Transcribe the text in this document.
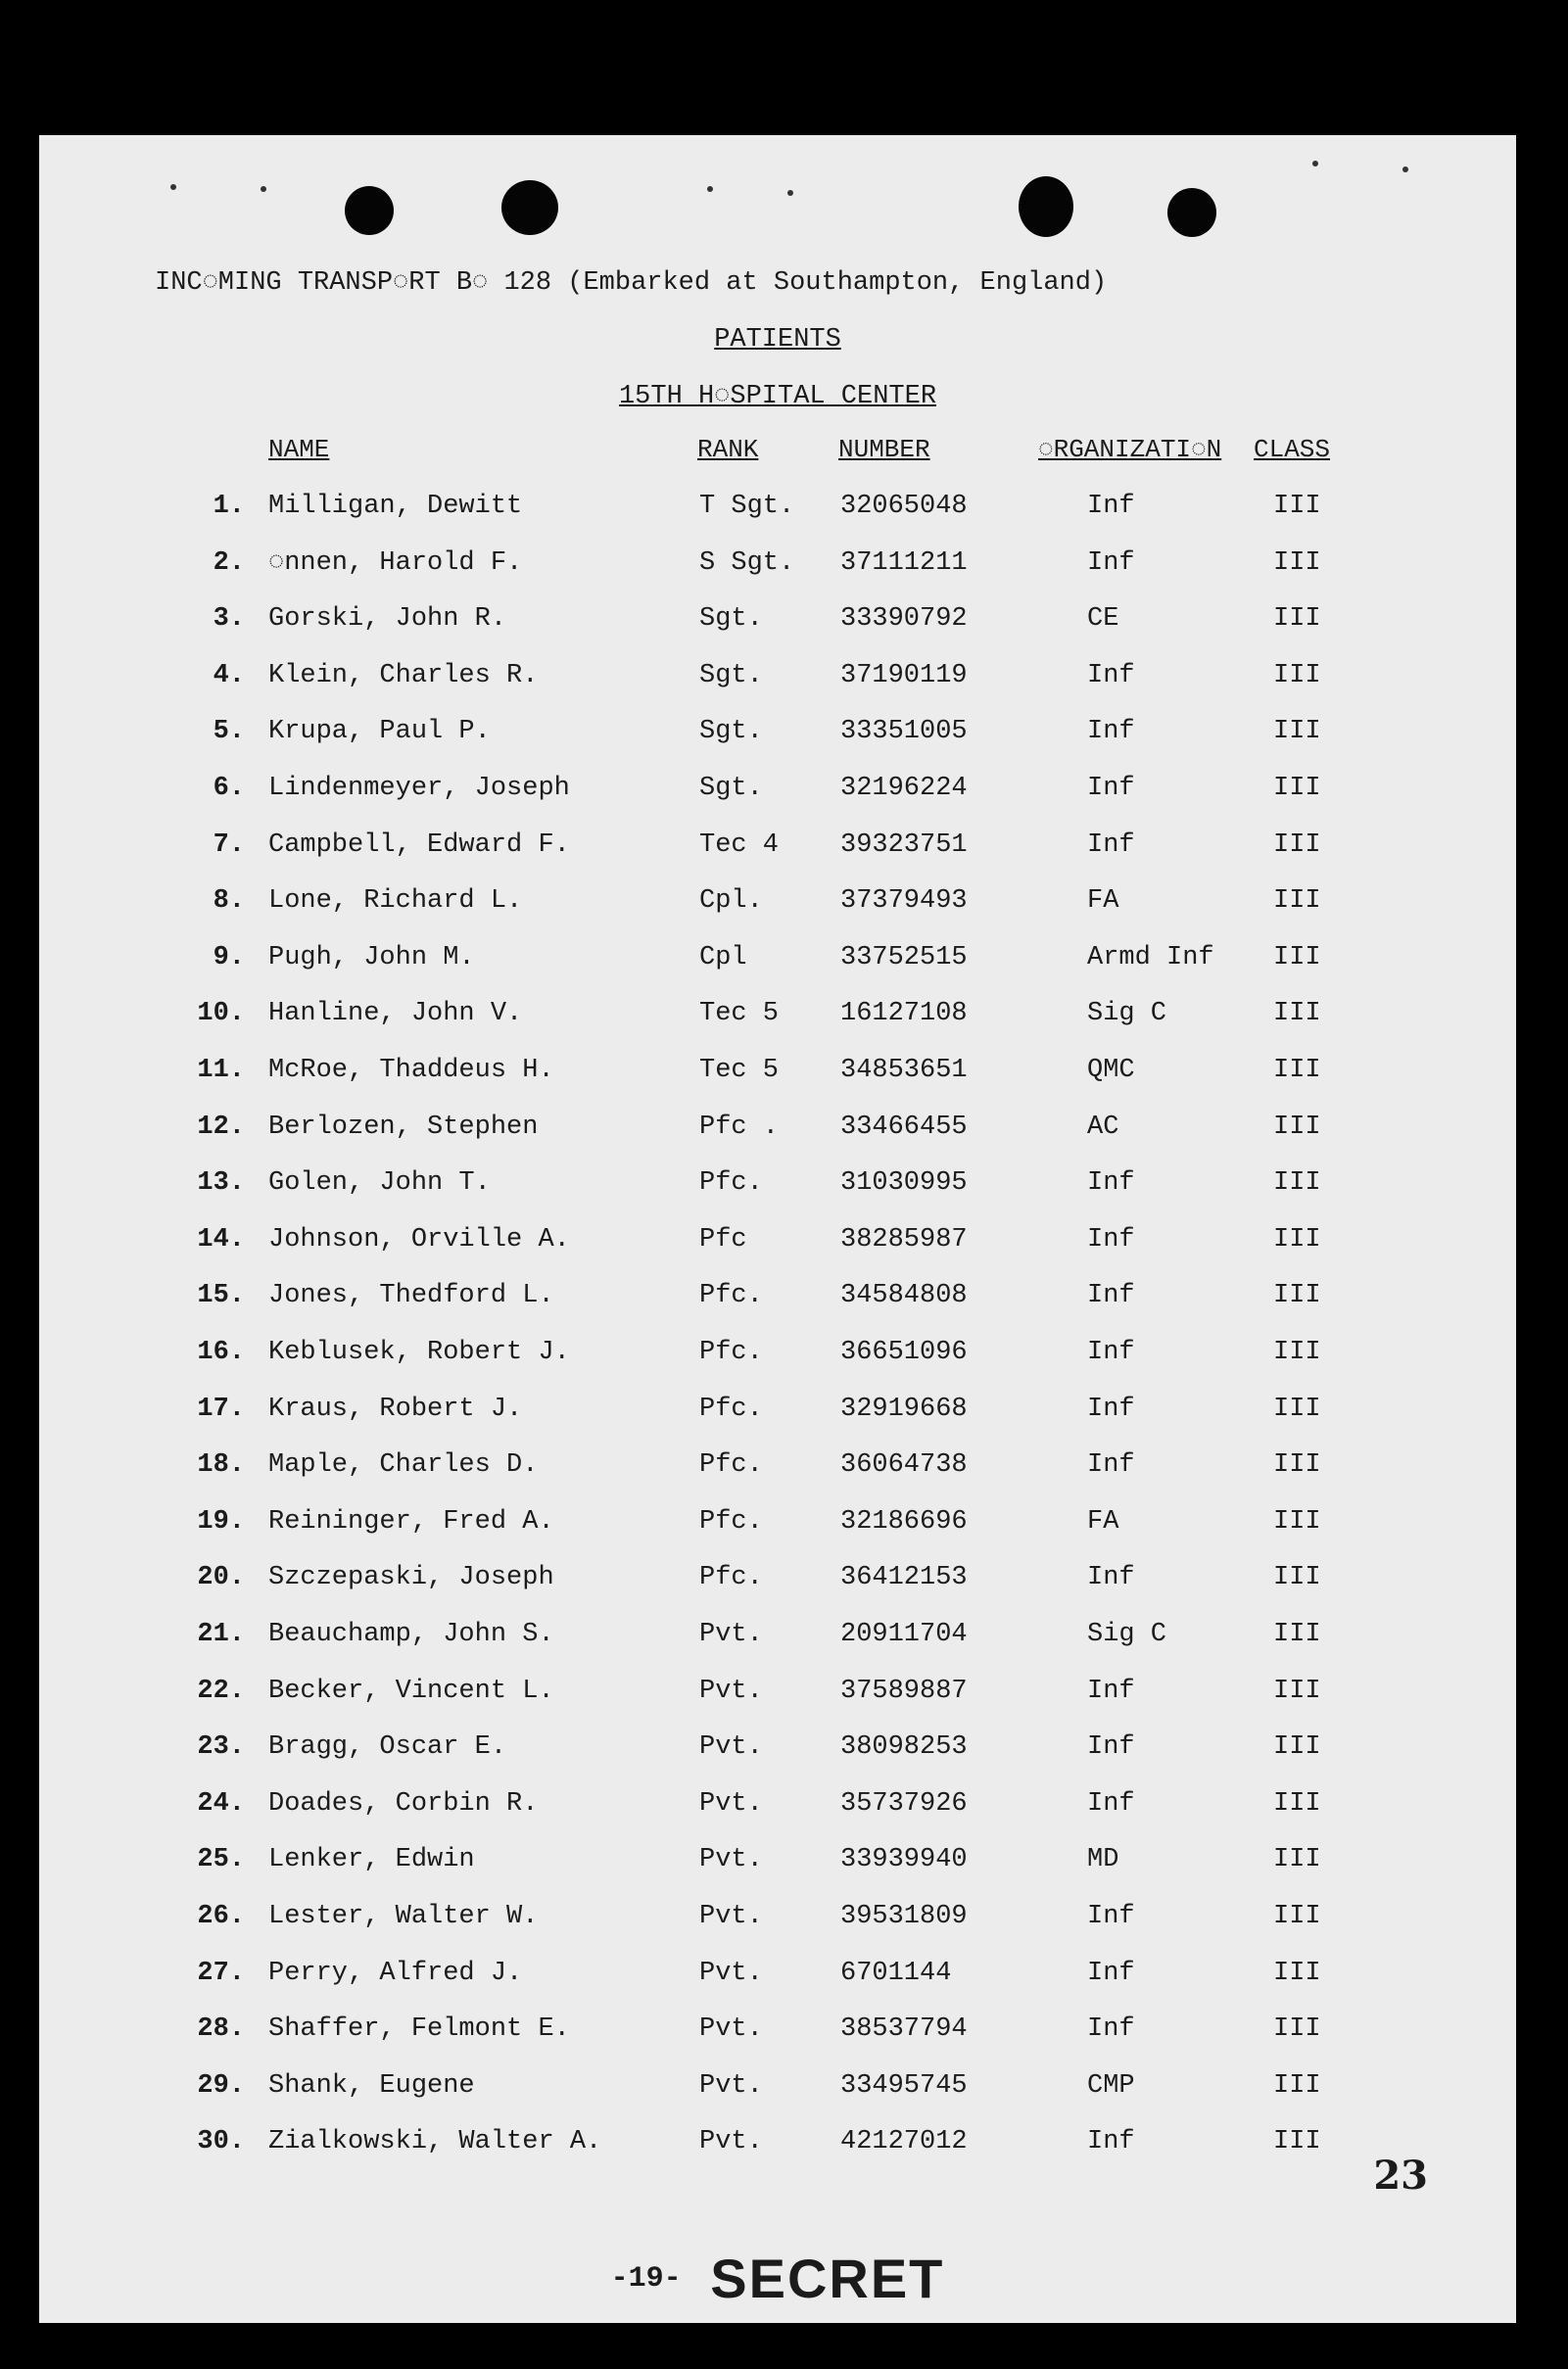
INC◌MING TRANSP◌RT B◌ 128 (Embarked at Southampton, England)
PATIENTS
15TH H◌SPITAL CENTER
NAME	RANK	NUMBER	◌RGANIZATI◌N CLASS
1. Milligan, Dewitt	T Sgt. 32065048	Inf	III
2. ◌nnen, Harold F.	S Sgt. 37111211	Inf	III
3. Gorski, John R.	Sgt.	33390792	CE	III
4. Klein, Charles R.	Sgt.	37190119	Inf	III
5. Krupa, Paul P.	Sgt.	33351005	Inf	III
6. Lindenmeyer, Joseph	Sgt.	32196224	Inf	III
7. Campbell, Edward F.	Tec 4 39323751	Inf	III
8. Lone, Richard L.	Cpl.	37379493	FA	III
9. Pugh, John M.	Cpl	33752515	Armd Inf III
10. Hanline, John V.	Tec 5 16127108	Sig C	III
11. McRoe, Thaddeus H.	Tec 5 34853651	QMC	III
12. Berlozen, Stephen	Pfc . 33466455	AC	III
13. Golen, John T.	Pfc.	31030995	Inf	III
14. Johnson, Orville A.	Pfc	38285987	Inf	III
15. Jones, Thedford L.	Pfc.	34584808	Inf	III
16. Keblusek, Robert J.	Pfc.	36651096	Inf	III
17. Kraus, Robert J.	Pfc.	32919668	Inf	III
18. Maple, Charles D.	Pfc.	36064738	Inf	III
19. Reininger, Fred A.	Pfc.	32186696	FA	III
20. Szczepaski, Joseph	Pfc.	36412153	Inf	III
21. Beauchamp, John S.	Pvt.	20911704	Sig C	III
22. Becker, Vincent L.	Pvt.	37589887	Inf	III
23. Bragg, Oscar E.	Pvt.	38098253	Inf	III
24. Doades, Corbin R.	Pvt.	35737926	Inf	III
25. Lenker, Edwin	Pvt.	33939940	MD	III
26. Lester, Walter W.	Pvt.	39531809	Inf	III
27. Perry, Alfred J.	Pvt.	6701144	Inf	III
28. Shaffer, Felmont E.	Pvt.	38537794	Inf	III
29. Shank, Eugene	Pvt.	33495745	CMP	III
30. Zialkowski, Walter A.	Pvt.	42127012	Inf	III
23
-19- SECRET
